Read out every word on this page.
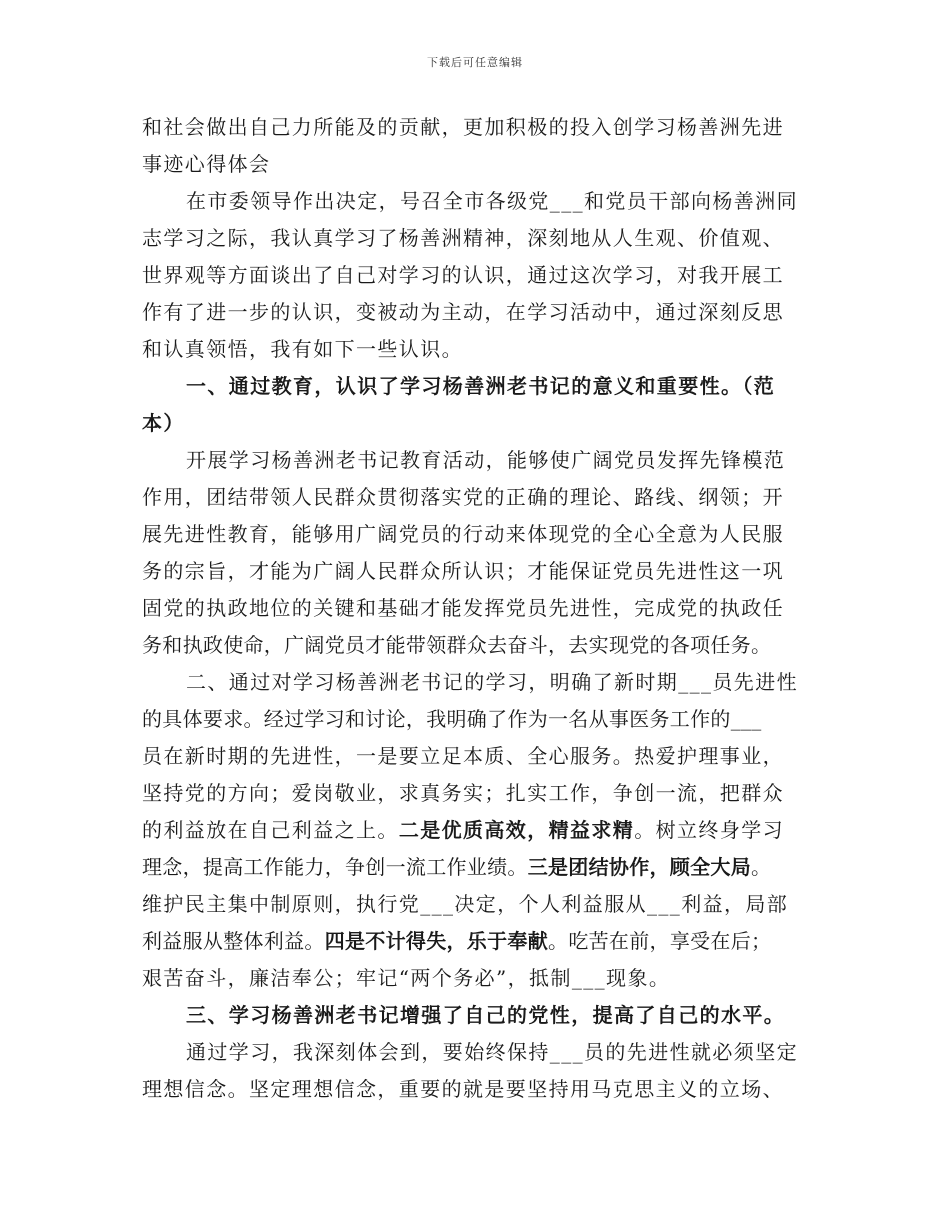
下载后可任意编辑
和社会做出自己力所能及的贡献，更加积极的投入创学习杨善洲先进
事迹心得体会
在市委领导作出决定，号召全市各级党___和党员干部向杨善洲同
志学习之际，我认真学习了杨善洲精神，深刻地从人生观、价值观、
世界观等方面谈出了自己对学习的认识，通过这次学习，对我开展工
作有了进一步的认识，变被动为主动，在学习活动中，通过深刻反思
和认真领悟，我有如下一些认识。
一、通过教育，认识了学习杨善洲老书记的意义和重要性。（范
本）
开展学习杨善洲老书记教育活动，能够使广阔党员发挥先锋模范
作用，团结带领人民群众贯彻落实党的正确的理论、路线、纲领；开
展先进性教育，能够用广阔党员的行动来体现党的全心全意为人民服
务的宗旨，才能为广阔人民群众所认识；才能保证党员先进性这一巩
固党的执政地位的关键和基础才能发挥党员先进性，完成党的执政任
务和执政使命，广阔党员才能带领群众去奋斗，去实现党的各项任务。
二、通过对学习杨善洲老书记的学习，明确了新时期___员先进性
的具体要求。经过学习和讨论，我明确了作为一名从事医务工作的___
员在新时期的先进性，一是要立足本质、全心服务。热爱护理事业，
坚持党的方向；爱岗敬业，求真务实；扎实工作，争创一流，把群众
的利益放在自己利益之上。二是优质高效，精益求精。树立终身学习
理念，提高工作能力，争创一流工作业绩。三是团结协作，顾全大局。
维护民主集中制原则，执行党___决定，个人利益服从___利益，局部
利益服从整体利益。四是不计得失，乐于奉献。吃苦在前，享受在后；
艰苦奋斗，廉洁奉公；牢记“两个务必”，抵制___现象。
三、学习杨善洲老书记增强了自己的党性，提高了自己的水平。
通过学习，我深刻体会到，要始终保持___员的先进性就必须坚定
理想信念。坚定理想信念，重要的就是要坚持用马克思主义的立场、
